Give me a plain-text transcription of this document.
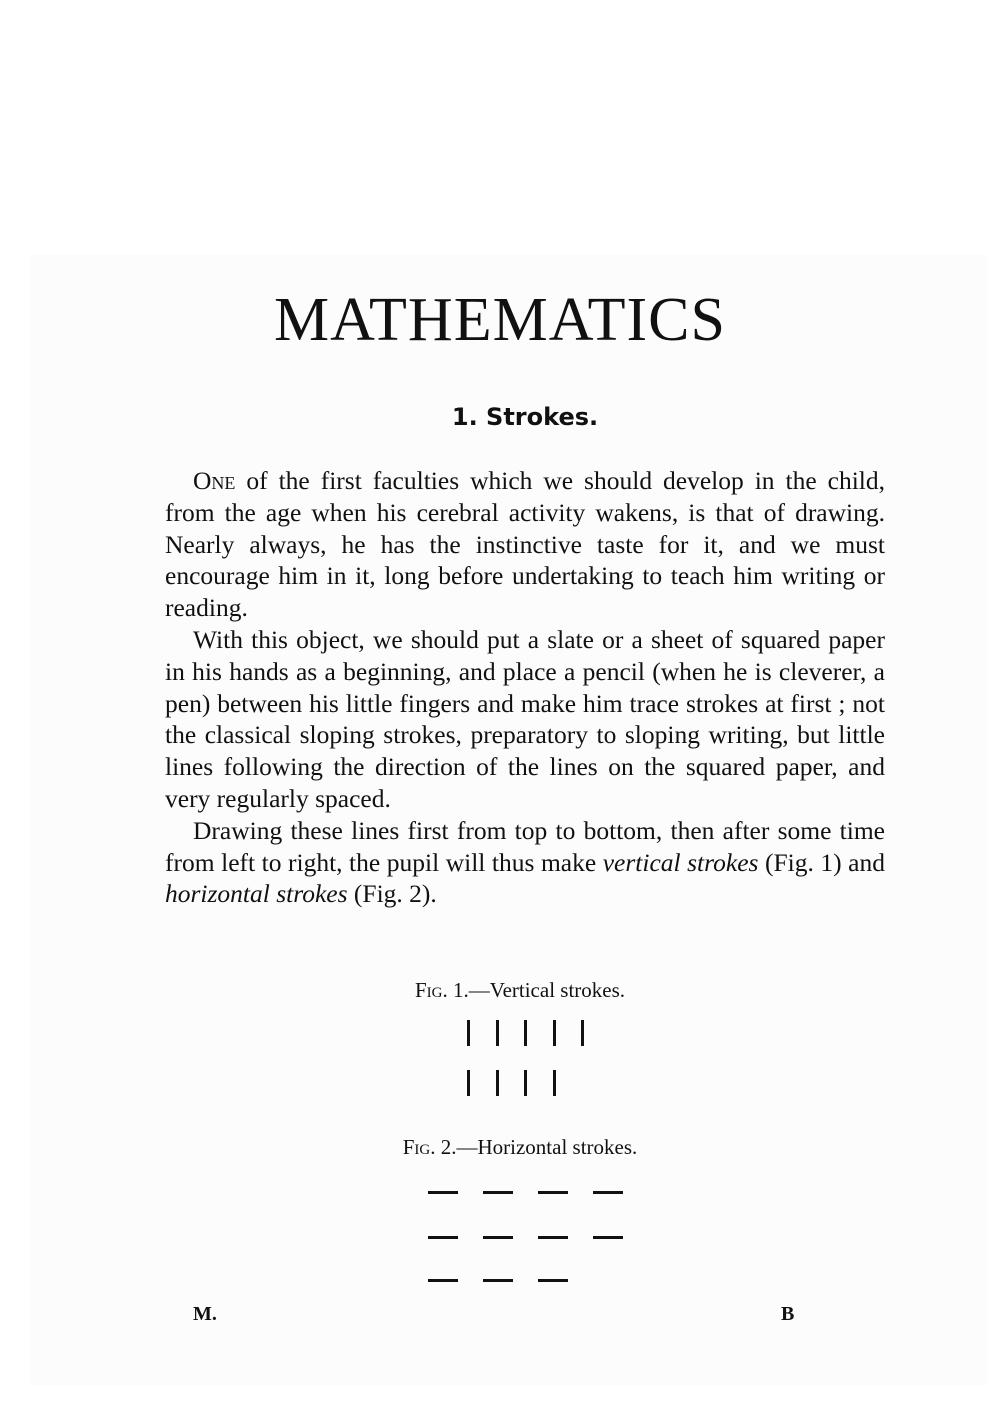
MATHEMATICS
1. Strokes.

One of the first faculties which we should develop in the child, from the age when his cerebral activity wakens, is that of drawing. Nearly always, he has the instinctive taste for it, and we must encourage him in it, long before undertaking to teach him writing or reading.

With this object, we should put a slate or a sheet of squared paper in his hands as a beginning, and place a pencil (when he is cleverer, a pen) between his little fingers and make him trace strokes at first ; not the classical sloping strokes, preparatory to sloping writing, but little lines following the direction of the lines on the squared paper, and very regularly spaced.

Drawing these lines first from top to bottom, then after some time from left to right, the pupil will thus make vertical strokes (Fig. 1) and horizontal strokes (Fig. 2).

Fig. 1.—Vertical strokes.
Fig. 2.—Horizontal strokes.
M.	B
